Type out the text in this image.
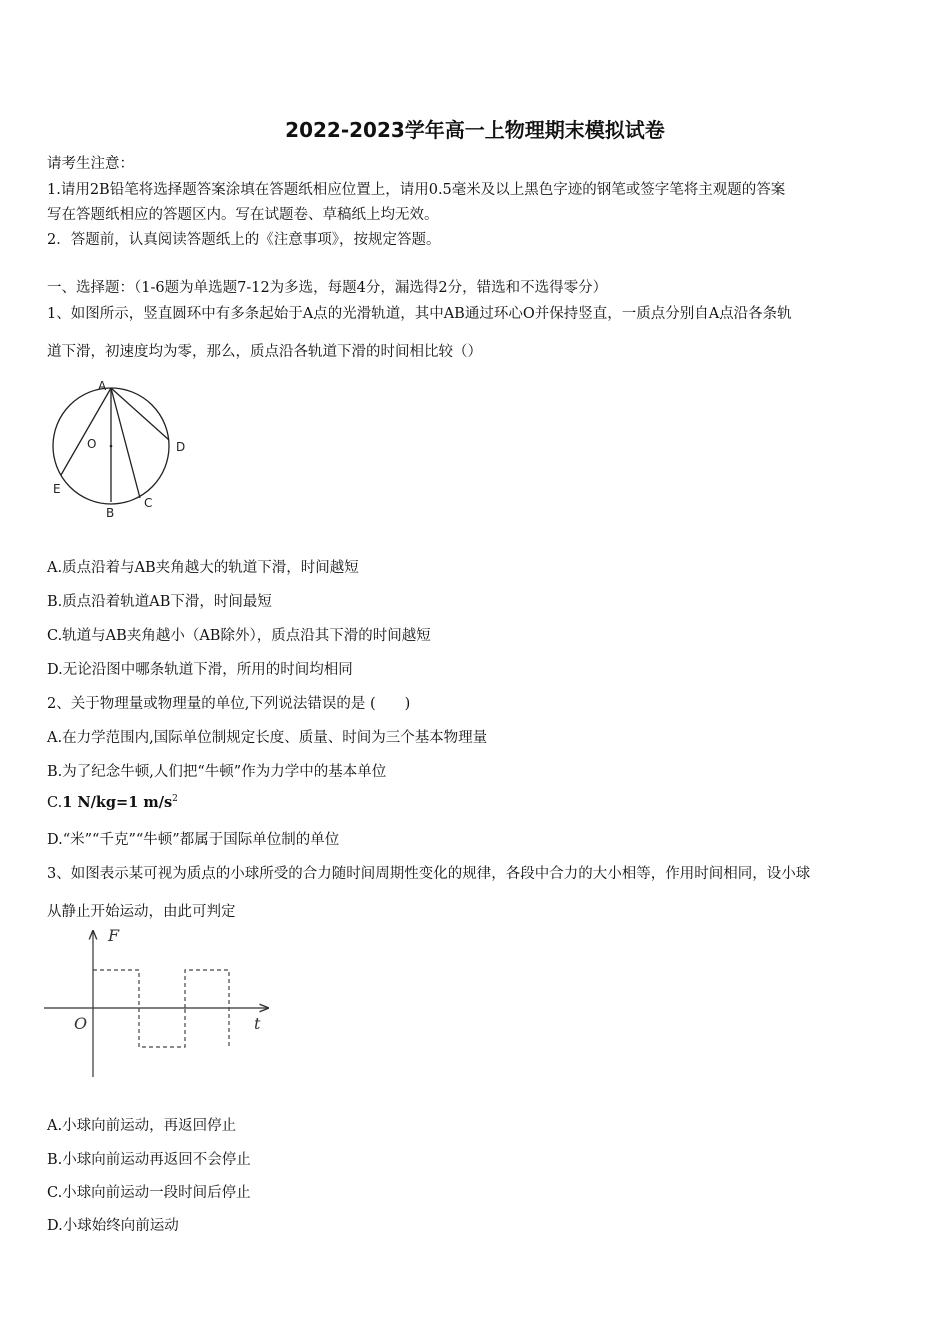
2022-2023学年高一上物理期末模拟试卷
请考生注意：
1.请用2B铅笔将选择题答案涂填在答题纸相应位置上，请用0.5毫米及以上黑色字迹的钢笔或签字笔将主观题的答案
写在答题纸相应的答题区内。写在试题卷、草稿纸上均无效。
2．答题前，认真阅读答题纸上的《注意事项》，按规定答题。
一、选择题：（1-6题为单选题7-12为多选，每题4分，漏选得2分，错选和不选得零分）
1、如图所示，竖直圆环中有多条起始于A点的光滑轨道，其中AB通过环心O并保持竖直，一质点分别自A点沿各条轨
道下滑，初速度均为零，那么，质点沿各轨道下滑的时间相比较（）
A
O	D
E
B
C
A.质点沿着与AB夹角越大的轨道下滑，时间越短
B.质点沿着轨道AB下滑，时间最短
C.轨道与AB夹角越小（AB除外），质点沿其下滑的时间越短
D.无论沿图中哪条轨道下滑，所用的时间均相同
2、关于物理量或物理量的单位,下列说法错误的是 (　　)
A.在力学范围内,国际单位制规定长度、质量、时间为三个基本物理量
B.为了纪念牛顿,人们把“牛顿”作为力学中的基本单位
C.1 N/kg=1 $m/s^2$
D.“米”“千克”“牛顿”都属于国际单位制的单位
3、如图表示某可视为质点的小球所受的合力随时间周期性变化的规律，各段中合力的大小相等，作用时间相同，设小球
从静止开始运动，由此可判定
F
O	t
A.小球向前运动，再返回停止
B.小球向前运动再返回不会停止
C.小球向前运动一段时间后停止
D.小球始终向前运动
